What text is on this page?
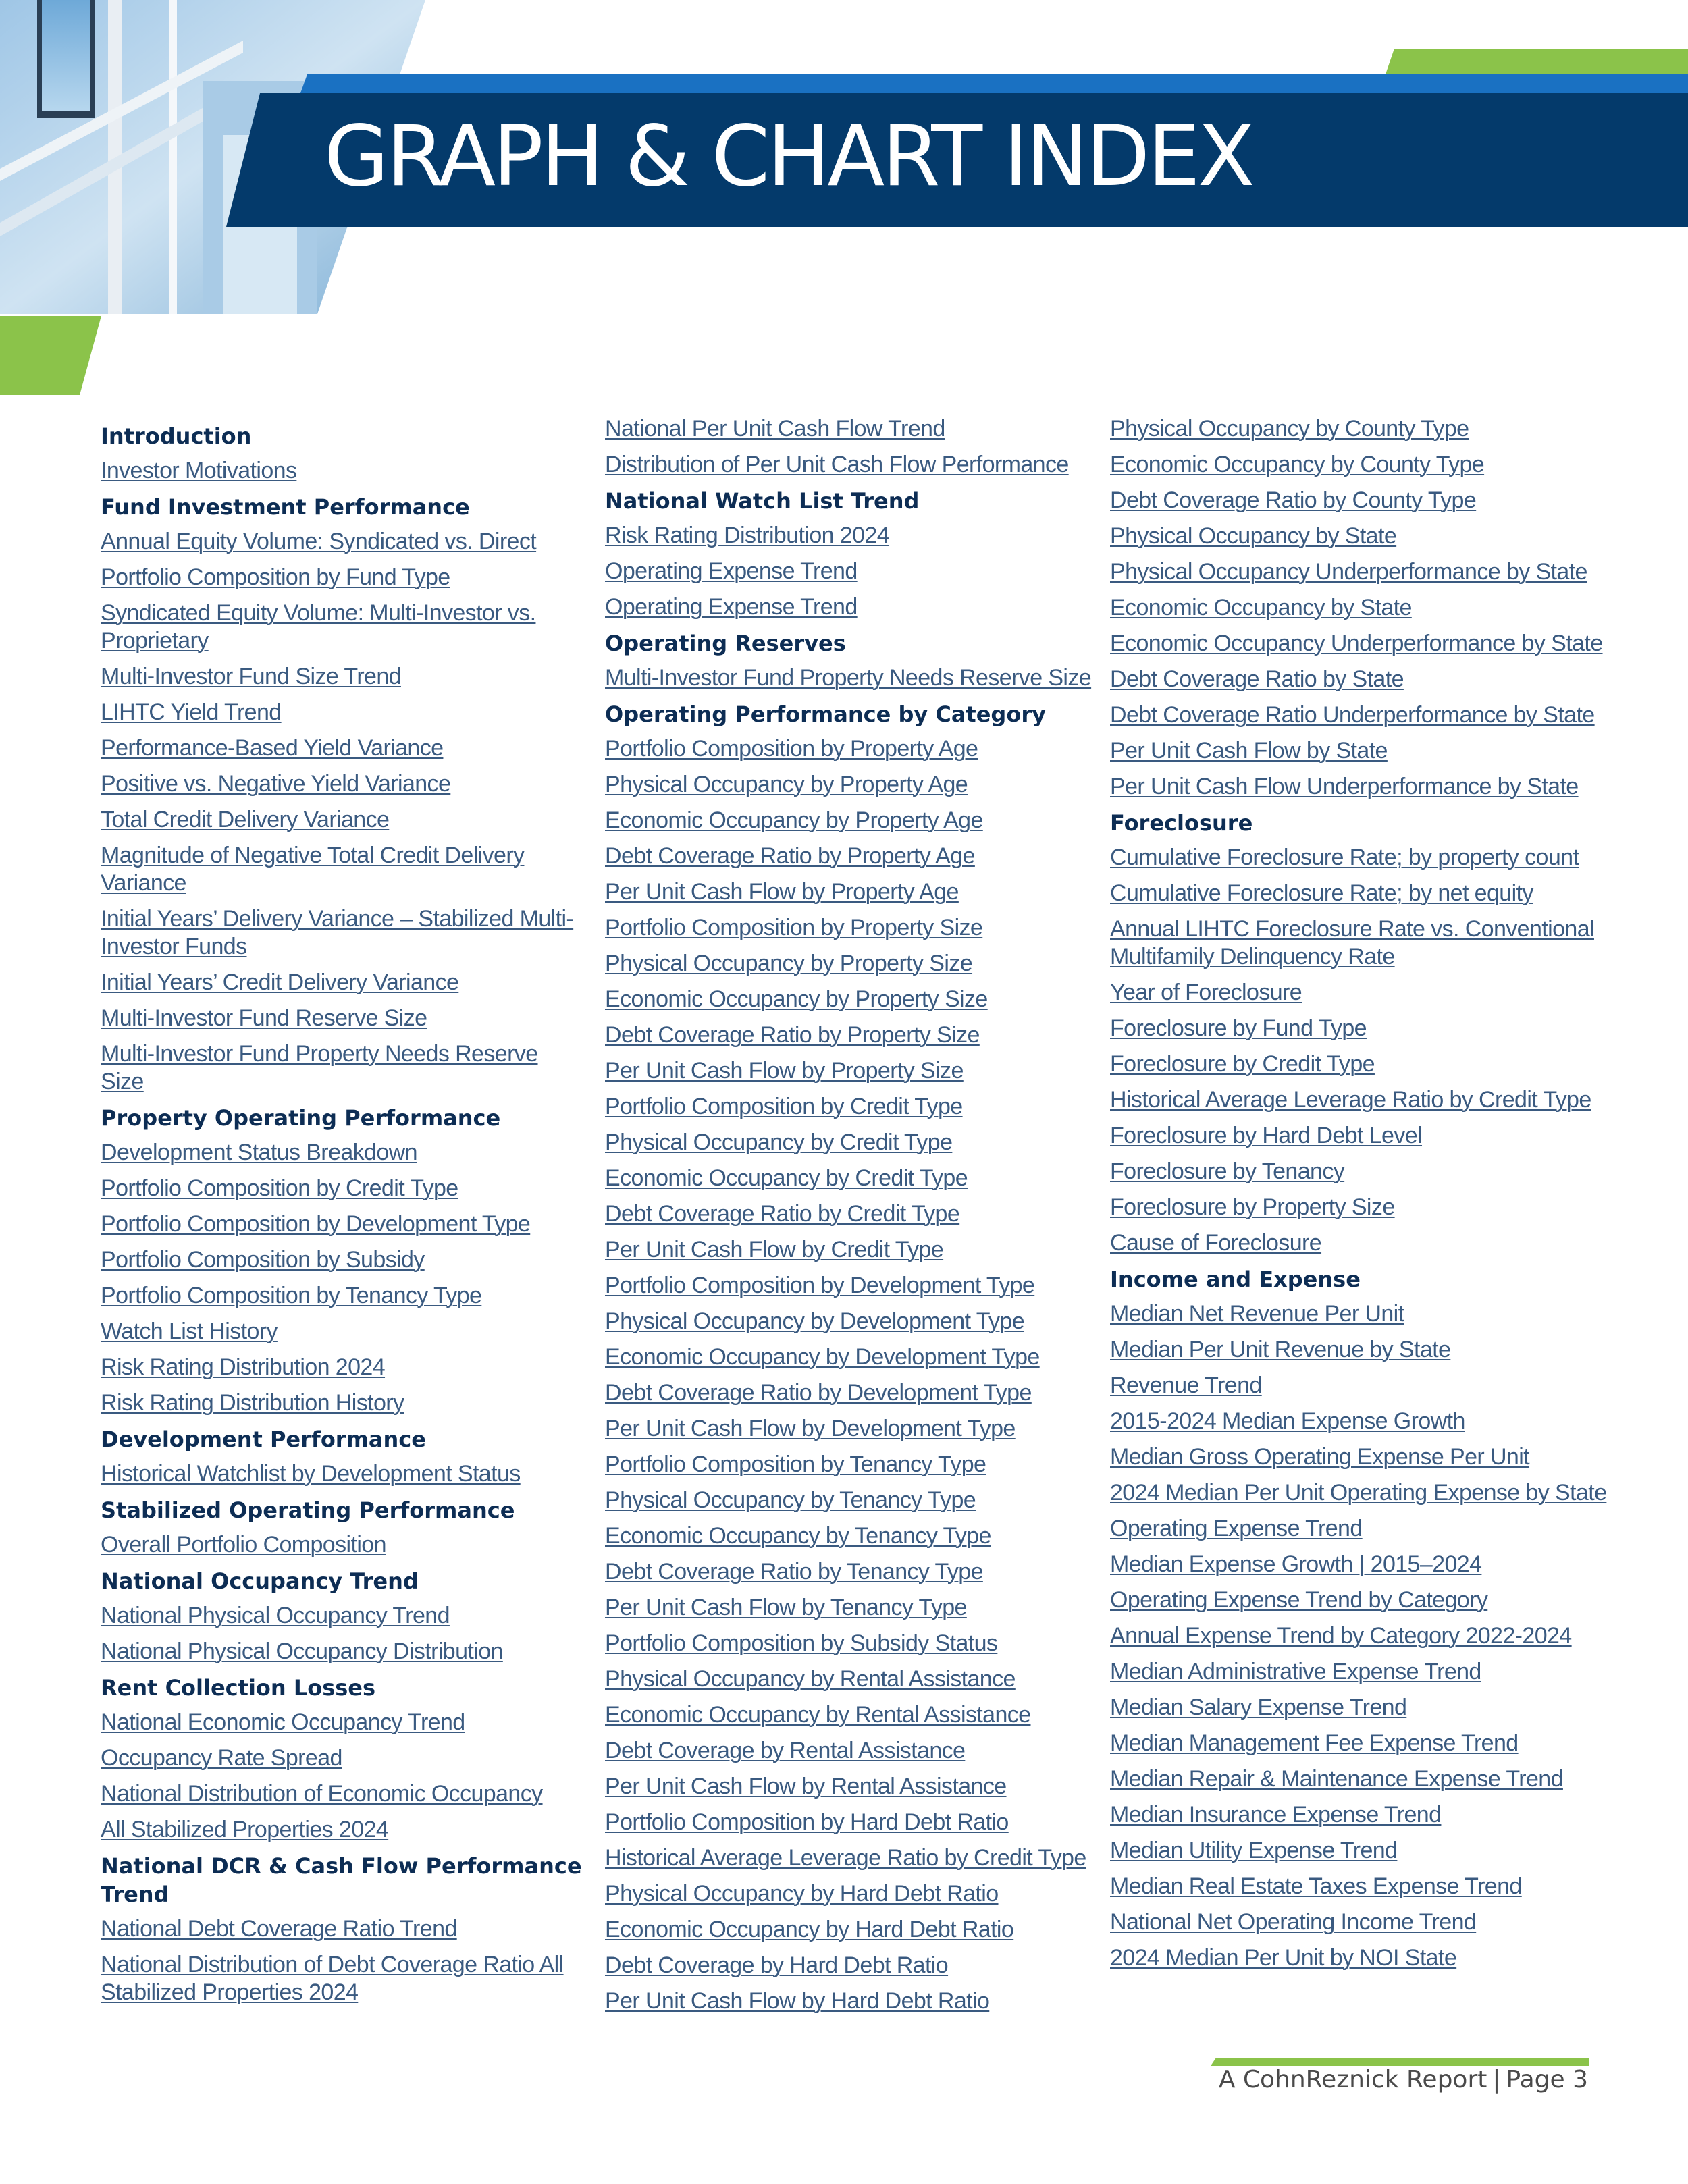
GRAPH & CHART INDEX
Introduction
Investor Motivations
Fund Investment Performance
Annual Equity Volume: Syndicated vs. Direct
Portfolio Composition by Fund Type
Syndicated Equity Volume: Multi-Investor vs. Proprietary
Multi-Investor Fund Size Trend
LIHTC Yield Trend
Performance-Based Yield Variance
Positive vs. Negative Yield Variance
Total Credit Delivery Variance
Magnitude of Negative Total Credit Delivery Variance
Initial Years’ Delivery Variance – Stabilized Multi-Investor Funds
Initial Years’ Credit Delivery Variance
Multi-Investor Fund Reserve Size
Multi-Investor Fund Property Needs Reserve Size
Property Operating Performance
Development Status Breakdown
Portfolio Composition by Credit Type
Portfolio Composition by Development Type
Portfolio Composition by Subsidy
Portfolio Composition by Tenancy Type
Watch List History
Risk Rating Distribution 2024
Risk Rating Distribution History
Development Performance
Historical Watchlist by Development Status
Stabilized Operating Performance
Overall Portfolio Composition
National Occupancy Trend
National Physical Occupancy Trend
National Physical Occupancy Distribution
Rent Collection Losses
National Economic Occupancy Trend
Occupancy Rate Spread
National Distribution of Economic Occupancy
All Stabilized Properties 2024
National DCR & Cash Flow Performance Trend
National Debt Coverage Ratio Trend
National Distribution of Debt Coverage Ratio All Stabilized Properties 2024
National Per Unit Cash Flow Trend
Distribution of Per Unit Cash Flow Performance
National Watch List Trend
Risk Rating Distribution 2024
Operating Expense Trend
Operating Expense Trend
Operating Reserves
Multi-Investor Fund Property Needs Reserve Size
Operating Performance by Category
Portfolio Composition by Property Age
Physical Occupancy by Property Age
Economic Occupancy by Property Age
Debt Coverage Ratio by Property Age
Per Unit Cash Flow by Property Age
Portfolio Composition by Property Size
Physical Occupancy by Property Size
Economic Occupancy by Property Size
Debt Coverage Ratio by Property Size
Per Unit Cash Flow by Property Size
Portfolio Composition by Credit Type
Physical Occupancy by Credit Type
Economic Occupancy by Credit Type
Debt Coverage Ratio by Credit Type
Per Unit Cash Flow by Credit Type
Portfolio Composition by Development Type
Physical Occupancy by Development Type
Economic Occupancy by Development Type
Debt Coverage Ratio by Development Type
Per Unit Cash Flow by Development Type
Portfolio Composition by Tenancy Type
Physical Occupancy by Tenancy Type
Economic Occupancy by Tenancy Type
Debt Coverage Ratio by Tenancy Type
Per Unit Cash Flow by Tenancy Type
Portfolio Composition by Subsidy Status
Physical Occupancy by Rental Assistance
Economic Occupancy by Rental Assistance
Debt Coverage by Rental Assistance
Per Unit Cash Flow by Rental Assistance
Portfolio Composition by Hard Debt Ratio
Historical Average Leverage Ratio by Credit Type
Physical Occupancy by Hard Debt Ratio
Economic Occupancy by Hard Debt Ratio
Debt Coverage by Hard Debt Ratio
Per Unit Cash Flow by Hard Debt Ratio
Physical Occupancy by County Type
Economic Occupancy by County Type
Debt Coverage Ratio by County Type
Physical Occupancy by State
Physical Occupancy Underperformance by State
Economic Occupancy by State
Economic Occupancy Underperformance by State
Debt Coverage Ratio by State
Debt Coverage Ratio Underperformance by State
Per Unit Cash Flow by State
Per Unit Cash Flow Underperformance by State
Foreclosure
Cumulative Foreclosure Rate; by property count
Cumulative Foreclosure Rate; by net equity
Annual LIHTC Foreclosure Rate vs. Conventional Multifamily Delinquency Rate
Year of Foreclosure
Foreclosure by Fund Type
Foreclosure by Credit Type
Historical Average Leverage Ratio by Credit Type
Foreclosure by Hard Debt Level
Foreclosure by Tenancy
Foreclosure by Property Size
Cause of Foreclosure
Income and Expense
Median Net Revenue Per Unit
Median Per Unit Revenue by State
Revenue Trend
2015-2024 Median Expense Growth
Median Gross Operating Expense Per Unit
2024 Median Per Unit Operating Expense by State
Operating Expense Trend
Median Expense Growth | 2015–2024
Operating Expense Trend by Category
Annual Expense Trend by Category 2022-2024
Median Administrative Expense Trend
Median Salary Expense Trend
Median Management Fee Expense Trend
Median Repair & Maintenance Expense Trend
Median Insurance Expense Trend
Median Utility Expense Trend
Median Real Estate Taxes Expense Trend
National Net Operating Income Trend
2024 Median Per Unit by NOI State
A CohnReznick Report | Page 3
